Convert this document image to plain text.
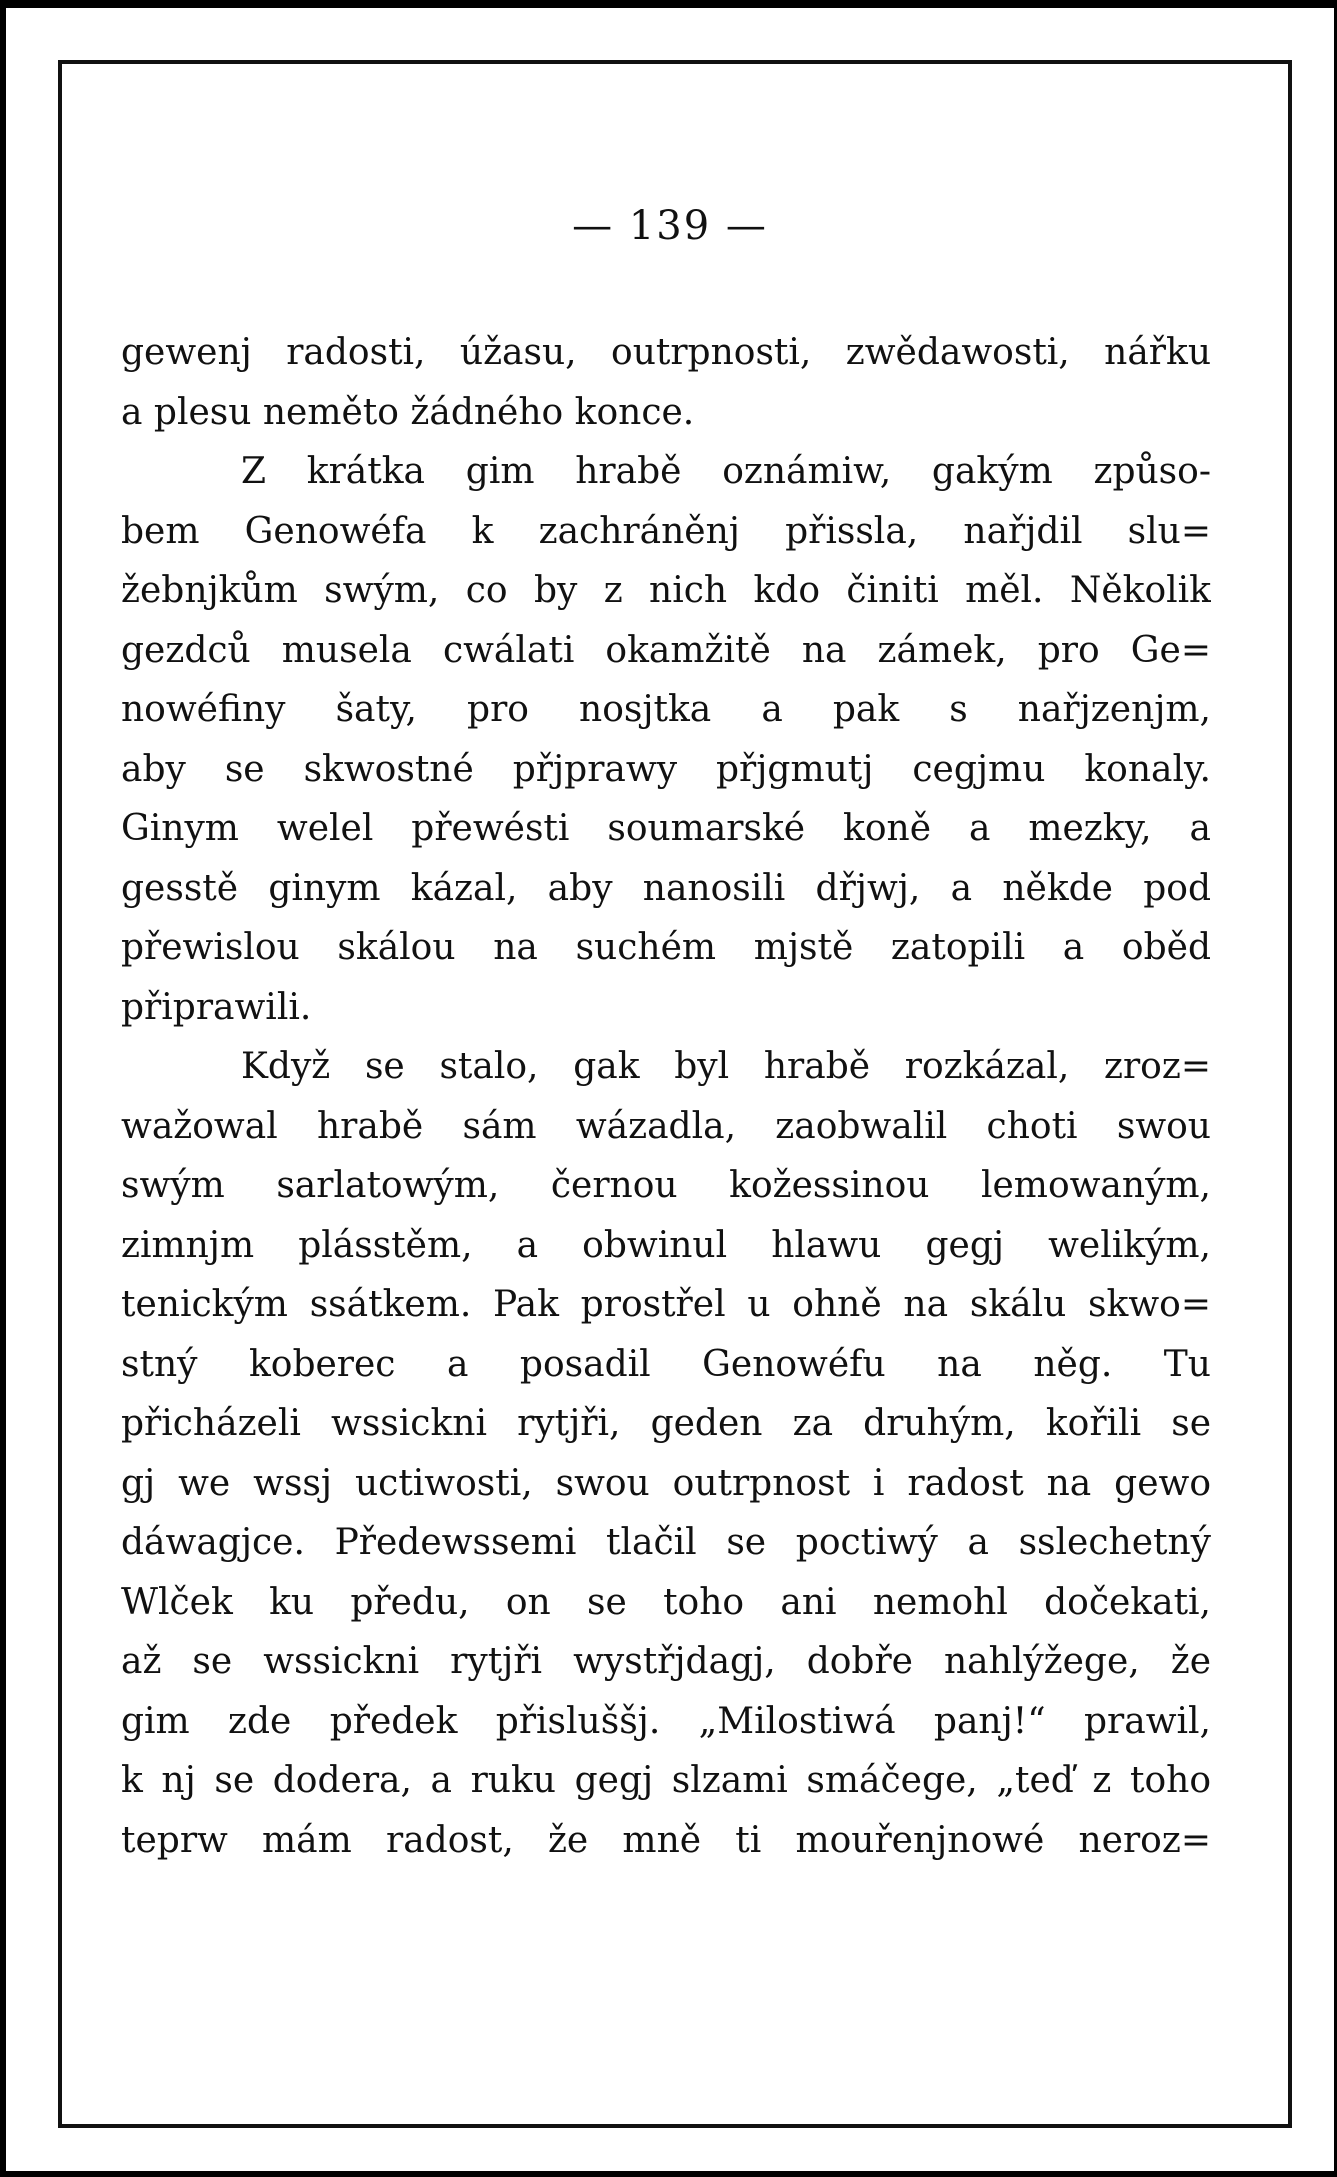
— 139 —
gewenj radosti, úžasu, outrpnosti, zwědawosti, nářku
a plesu neměto žádného konce.
Z krátka gim hrabě oznámiw, gakým způso-
bem Genowéfa k zachráněnj přissla, nařjdil slu=
žebnjkům swým, co by z nich kdo činiti měl. Několik
gezdců musela cwálati okamžitě na zámek, pro Ge=
nowéfiny šaty, pro nosjtka a pak s nařjzenjm,
aby se skwostné přjprawy přjgmutj cegjmu konaly.
Ginym welel přewésti soumarské koně a mezky, a
gesstě ginym kázal, aby nanosili dřjwj, a někde pod
přewislou skálou na suchém mjstě zatopili a oběd
připrawili.
Když se stalo, gak byl hrabě rozkázal, zroz=
wažowal hrabě sám wázadla, zaobwalil choti swou
swým sarlatowým, černou kožessinou lemowaným,
zimnjm plásstěm, a obwinul hlawu gegj welikým,
tenickým ssátkem. Pak prostřel u ohně na skálu skwo=
stný koberec a posadil Genowéfu na něg. Tu
přicházeli wssickni rytjři, geden za druhým, kořili se
gj we wssj uctiwosti, swou outrpnost i radost na gewo
dáwagjce. Předewssemi tlačil se poctiwý a sslechetný
Wlček ku předu, on se toho ani nemohl dočekati,
až se wssickni rytjři wystřjdagj, dobře nahlýžege, že
gim zde předek přisluššj. „Milostiwá panj!“ prawil,
k nj se dodera, a ruku gegj slzami smáčege, „teď z toho
teprw mám radost, že mně ti mouřenjnowé neroz=
